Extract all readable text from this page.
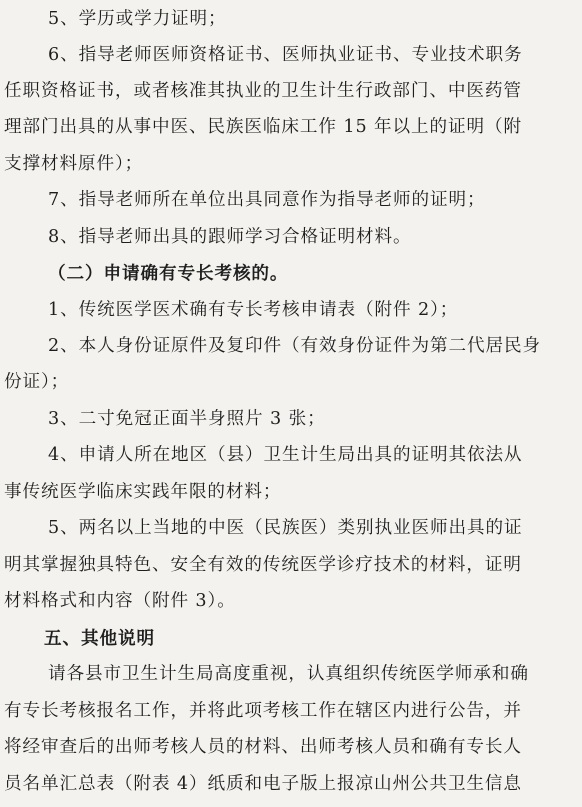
5、学历或学力证明；
6、指导老师医师资格证书、医师执业证书、专业技术职务
任职资格证书，或者核准其执业的卫生计生行政部门、中医药管
理部门出具的从事中医、民族医临床工作 15 年以上的证明（附
支撑材料原件）；
7、指导老师所在单位出具同意作为指导老师的证明；
8、指导老师出具的跟师学习合格证明材料。
（二）申请确有专长考核的。
1、传统医学医术确有专长考核申请表（附件 2）；
2、本人身份证原件及复印件（有效身份证件为第二代居民身
份证）；
3、二寸免冠正面半身照片 3 张；
4、申请人所在地区（县）卫生计生局出具的证明其依法从
事传统医学临床实践年限的材料；
5、两名以上当地的中医（民族医）类别执业医师出具的证
明其掌握独具特色、安全有效的传统医学诊疗技术的材料，证明
材料格式和内容（附件 3）。
五、其他说明
请各县市卫生计生局高度重视，认真组织传统医学师承和确
有专长考核报名工作，并将此项考核工作在辖区内进行公告，并
将经审查后的出师考核人员的材料、出师考核人员和确有专长人
员名单汇总表（附表 4）纸质和电子版上报凉山州公共卫生信息
